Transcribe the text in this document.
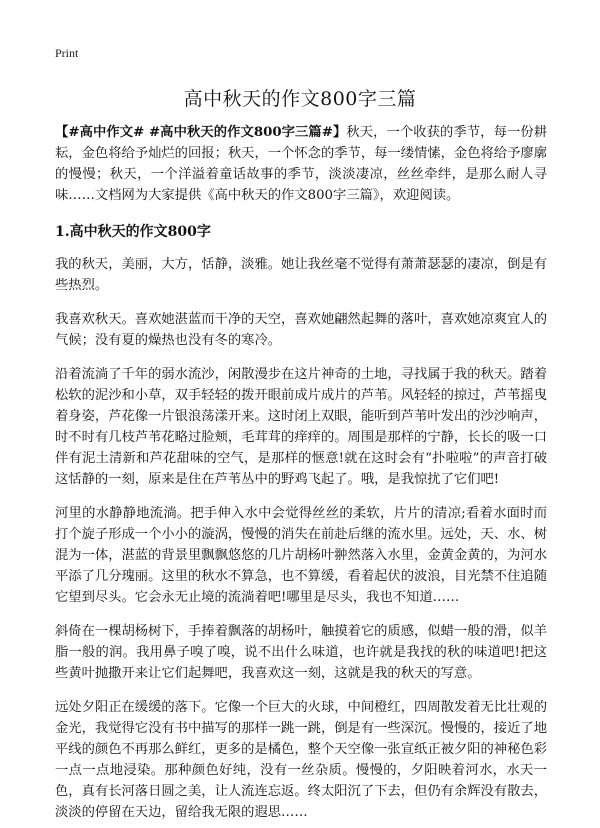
Print
高中秋天的作文800字三篇

【#高中作文# #高中秋天的作文800字三篇#】秋天，一个收获的季节，每一份耕耘，金色将给予灿烂的回报；秋天，一个怀念的季节，每一缕情愫，金色将给予廖廓的慢慢；秋天，一个洋溢着童话故事的季节，淡淡凄凉，丝丝牵绊，是那么耐人寻味……文档网为大家提供《高中秋天的作文800字三篇》，欢迎阅读。

1.高中秋天的作文800字

我的秋天，美丽，大方，恬静，淡雅。她让我丝毫不觉得有萧萧瑟瑟的凄凉，倒是有些热烈。

我喜欢秋天。喜欢她湛蓝而干净的天空，喜欢她翩然起舞的落叶，喜欢她凉爽宜人的气候；没有夏的燥热也没有冬的寒冷。

沿着流淌了千年的弱水流沙，闲散漫步在这片神奇的土地，寻找属于我的秋天。踏着松软的泥沙和小草，双手轻轻的拨开眼前成片成片的芦苇。风轻轻的掠过，芦苇摇曳着身姿，芦花像一片银浪荡漾开来。这时闭上双眼，能听到芦苇叶发出的沙沙响声，时不时有几枝芦苇花略过脸颊，毛茸茸的痒痒的。周围是那样的宁静，长长的吸一口伴有泥土清新和芦花甜味的空气，是那样的惬意!就在这时会有“扑啦啦”的声音打破这恬静的一刻，原来是住在芦苇丛中的野鸡飞起了。哦，是我惊扰了它们吧!

河里的水静静地流淌。把手伸入水中会觉得丝丝的柔软，片片的清凉;看着水面时而打个旋子形成一个小小的漩涡，慢慢的消失在前赴后继的流水里。远处，天、水、树混为一体，湛蓝的背景里飘飘悠悠的几片胡杨叶翀然落入水里，金黄金黄的，为河水平添了几分瑰丽。这里的秋水不算急，也不算缓，看着起伏的波浪，目光禁不住追随它望到尽头。它会永无止境的流淌着吧!哪里是尽头，我也不知道……

斜倚在一棵胡杨树下，手捧着飘落的胡杨叶，触摸着它的质感，似蜡一般的滑，似羊脂一般的润。我用鼻子嗅了嗅，说不出什么味道，也许就是我找的秋的味道吧!把这些黄叶抛撒开来让它们起舞吧，我喜欢这一刻，这就是我的秋天的写意。

远处夕阳正在缓缓的落下。它像一个巨大的火球，中间橙红，四周散发着无比壮观的金光，我觉得它没有书中描写的那样一跳一跳，倒是有一些深沉。慢慢的，接近了地平线的颜色不再那么鲜红，更多的是橘色，整个天空像一张宣纸正被夕阳的神秘色彩一点一点地浸染。那种颜色好纯，没有一丝杂质。慢慢的，夕阳映着河水，水天一色，真有长河落日圆之美，让人流连忘返。终太阳沉了下去，但仍有余辉没有散去，淡淡的停留在天边，留给我无限的遐思……
